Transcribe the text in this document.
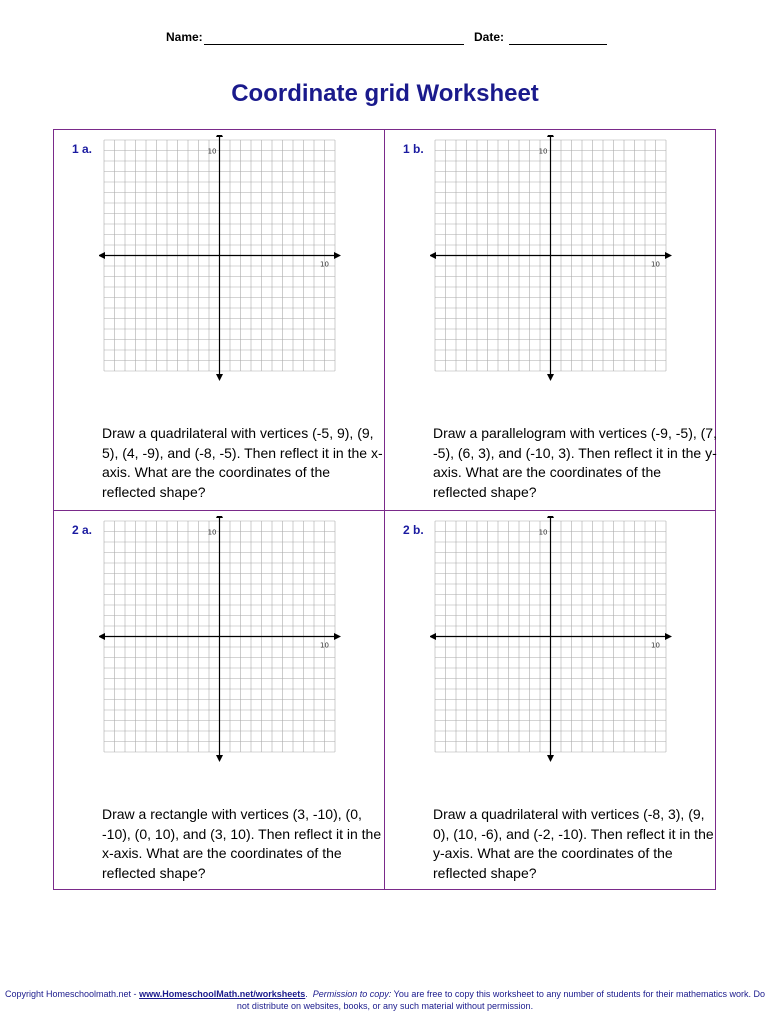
Name:	Date:
Coordinate grid Worksheet
1 a.	10
10
Draw a quadrilateral with vertices (-5, 9), (9, 5), (4, -9), and (-8, -5). Then reflect it in the x-axis. What are the coordinates of the reflected shape?
1 b.	10
10
Draw a parallelogram with vertices (-9, -5), (7, -5), (6, 3), and (-10, 3). Then reflect it in the y-axis. What are the coordinates of the reflected shape?
2 a.	10
10
Draw a rectangle with vertices (3, -10), (0, -10), (0, 10), and (3, 10). Then reflect it in the x-axis. What are the coordinates of the reflected shape?
2 b.	10
10
Draw a quadrilateral with vertices (-8, 3), (9, 0), (10, -6), and (-2, -10). Then reflect it in the y-axis. What are the coordinates of the reflected shape?
Copyright Homeschoolmath.net - www.HomeschoolMath.net/worksheets.  Permission to copy: You are free to copy this worksheet to any number of students for their mathematics work. Do not distribute on websites, books, or any such material without permission.
